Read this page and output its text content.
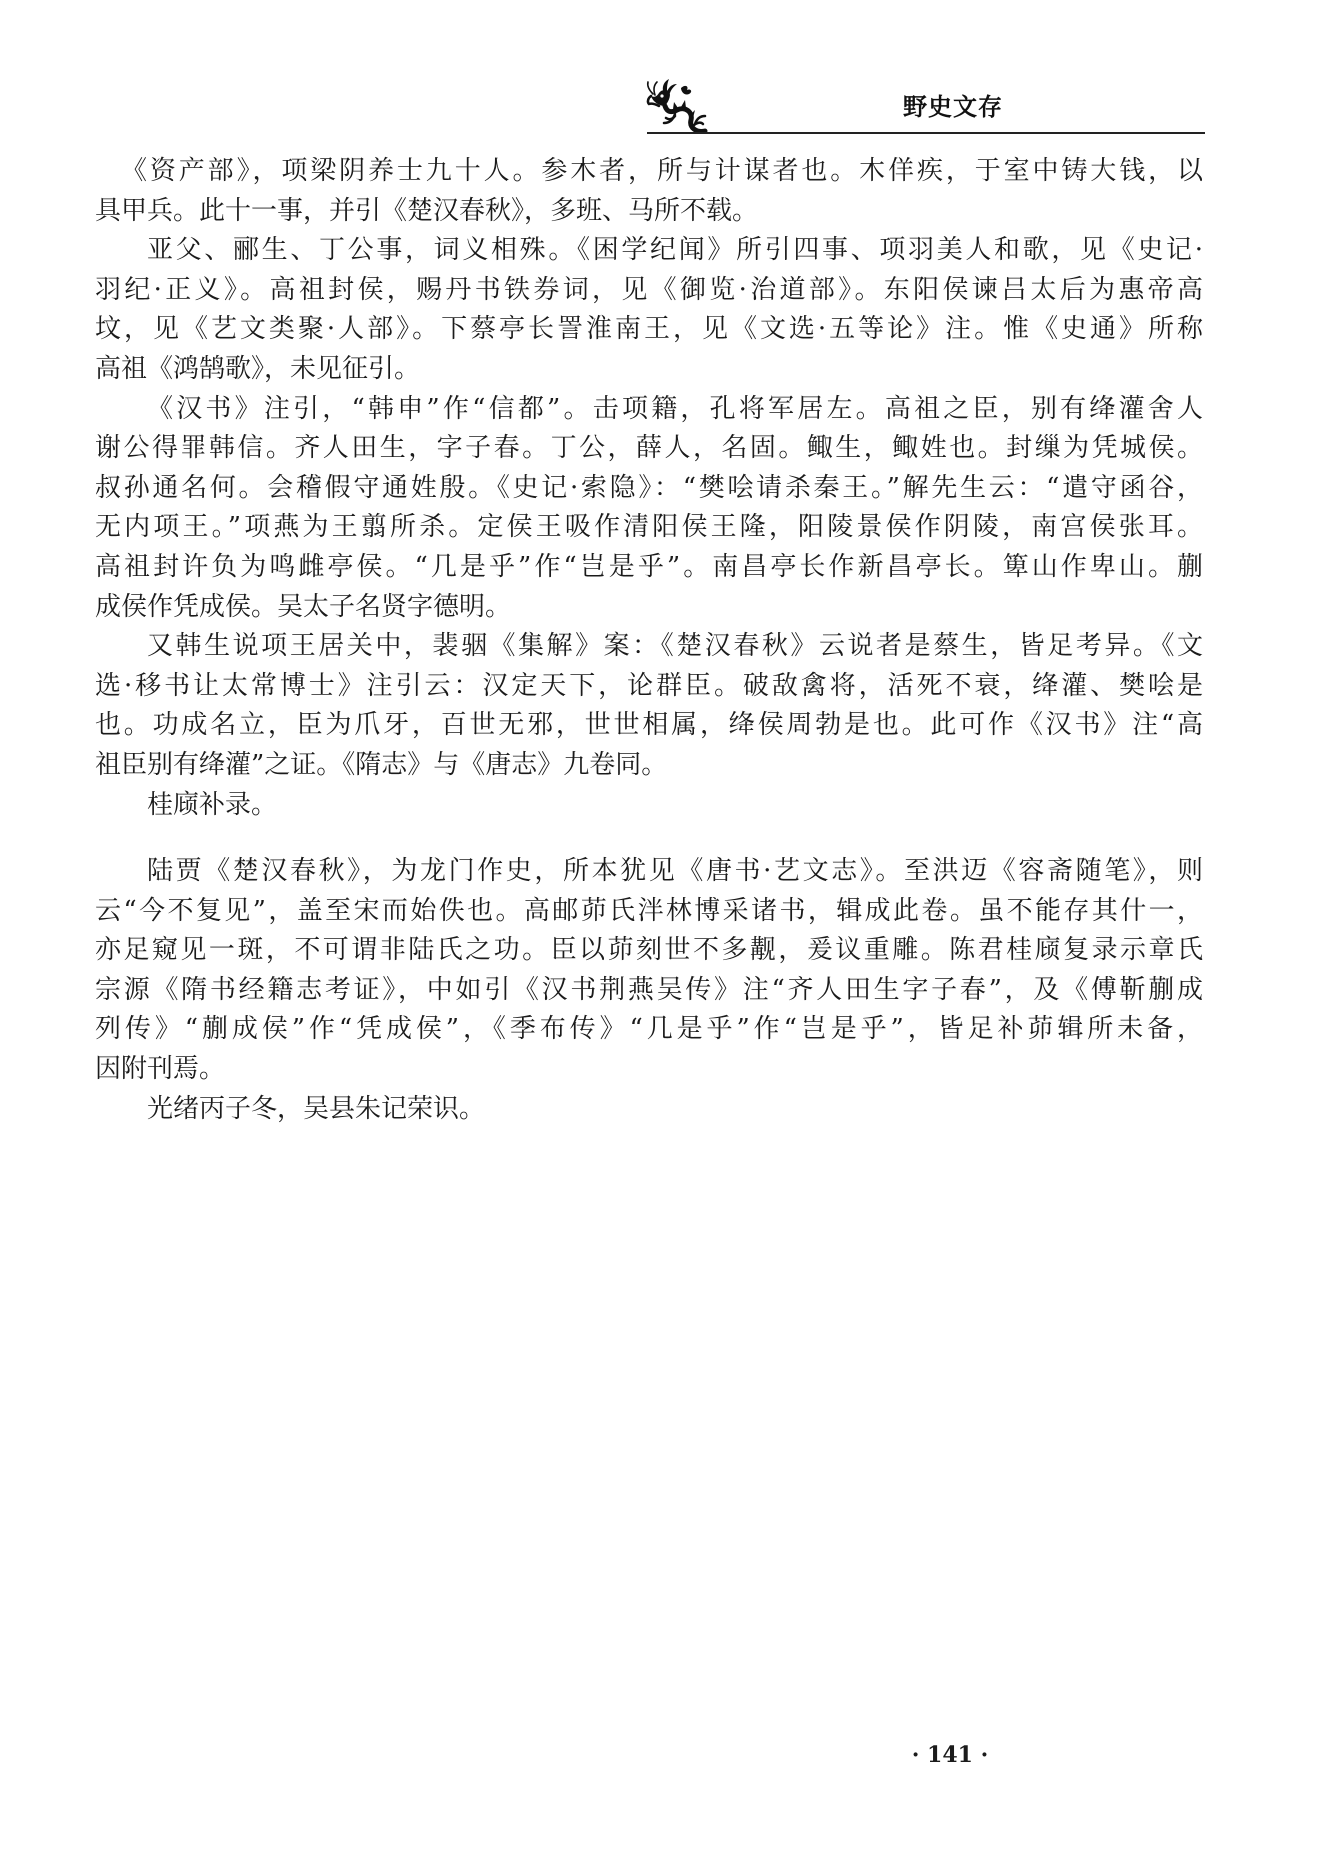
野史文存
《资产部》，项梁阴养士九十人。参木者，所与计谋者也。木佯疾，于室中铸大钱，以
具甲兵。此十一事，并引《楚汉春秋》，多班、马所不载。
亚父、郦生、丁公事，词义相殊。《困学纪闻》所引四事、项羽美人和歌，见《史记·
羽纪·正义》。高祖封侯，赐丹书铁券词，见《御览·治道部》。东阳侯谏吕太后为惠帝高
坟，见《艺文类聚·人部》。下蔡亭长詈淮南王，见《文选·五等论》注。惟《史通》所称
高祖《鸿鹄歌》，未见征引。
《汉书》注引，“韩申”作“信都”。击项籍，孔将军居左。高祖之臣，别有绛灌舍人
谢公得罪韩信。齐人田生，字子春。丁公，薛人，名固。鲰生，鲰姓也。封缫为凭城侯。
叔孙通名何。会稽假守通姓殷。《史记·索隐》：“樊哙请杀秦王。”解先生云：“遣守函谷，
无内项王。”项燕为王翦所杀。定侯王吸作清阳侯王隆，阳陵景侯作阴陵，南宫侯张耳。
高祖封许负为鸣雌亭侯。“几是乎”作“岂是乎”。南昌亭长作新昌亭长。箄山作卑山。蒯
成侯作凭成侯。吴太子名贤字德明。
又韩生说项王居关中，裴骃《集解》案：《楚汉春秋》云说者是蔡生，皆足考异。《文
选·移书让太常博士》注引云：汉定天下，论群臣。破敌禽将，活死不衰，绛灌、樊哙是
也。功成名立，臣为爪牙，百世无邪，世世相属，绛侯周勃是也。此可作《汉书》注“高
祖臣别有绛灌”之证。《隋志》与《唐志》九卷同。
桂庼补录。
陆贾《楚汉春秋》，为龙门作史，所本犹见《唐书·艺文志》。至洪迈《容斋随笔》，则
云“今不复见”，盖至宋而始佚也。高邮茆氏泮林博采诸书，辑成此卷。虽不能存其什一，
亦足窥见一斑，不可谓非陆氏之功。臣以茆刻世不多觏，爰议重雕。陈君桂庼复录示章氏
宗源《隋书经籍志考证》，中如引《汉书荆燕吴传》注“齐人田生字子春”，及《傅靳蒯成
列传》“蒯成侯”作“凭成侯”，《季布传》“几是乎”作“岂是乎”，皆足补茆辑所未备，
因附刊焉。
光绪丙子冬，吴县朱记荣识。
· 141 ·
